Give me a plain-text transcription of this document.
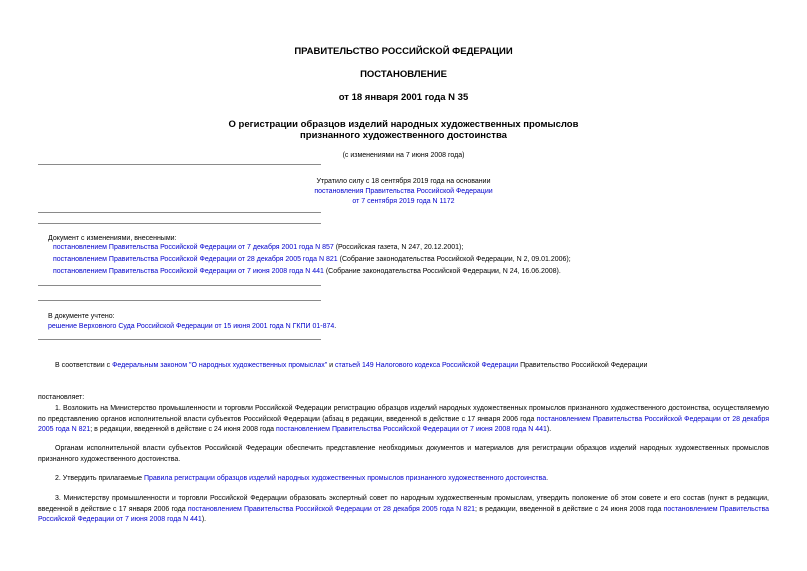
ПРАВИТЕЛЬСТВО РОССИЙСКОЙ ФЕДЕРАЦИИ
ПОСТАНОВЛЕНИЕ
от 18 января 2001 года N 35
О регистрации образцов изделий народных художественных промыслов
признанного художественного достоинства
(с изменениями на 7 июня 2008 года)
Утратило силу с 18 сентября 2019 года на основании
постановления Правительства Российской Федерации
от 7 сентября 2019 года N 1172
Документ с изменениями, внесенными:
постановлением Правительства Российской Федерации от 7 декабря 2001 года N 857 (Российская газета, N 247, 20.12.2001);
постановлением Правительства Российской Федерации от 28 декабря 2005 года N 821 (Собрание законодательства Российской Федерации, N 2, 09.01.2006);
постановлением Правительства Российской Федерации от 7 июня 2008 года N 441 (Собрание законодательства Российской Федерации, N 24, 16.06.2008).
В документе учтено:
решение Верховного Суда Российской Федерации от 15 июня 2001 года N ГКПИ 01-874.
В соответствии с Федеральным законом "О народных художественных промыслах" и статьей 149 Налогового кодекса Российской Федерации Правительство Российской Федерации
постановляет:
1. Возложить на Министерство промышленности и торговли Российской Федерации регистрацию образцов изделий народных художественных промыслов признанного художественного достоинства, осуществляемую по представлению органов исполнительной власти субъектов Российской Федерации (абзац в редакции, введенной в действие с 17 января 2006 года постановлением Правительства Российской Федерации от 28 декабря 2005 года N 821; в редакции, введенной в действие с 24 июня 2008 года постановлением Правительства Российской Федерации от 7 июня 2008 года N 441).
Органам исполнительной власти субъектов Российской Федерации обеспечить представление необходимых документов и материалов для регистрации образцов изделий народных художественных промыслов признанного художественного достоинства.
2. Утвердить прилагаемые Правила регистрации образцов изделий народных художественных промыслов признанного художественного достоинства.
3. Министерству промышленности и торговли Российской Федерации образовать экспертный совет по народным художественным промыслам, утвердить положение об этом совете и его состав (пункт в редакции, введенной в действие с 17 января 2006 года постановлением Правительства Российской Федерации от 28 декабря 2005 года N 821; в редакции, введенной в действие с 24 июня 2008 года постановлением Правительства Российской Федерации от 7 июня 2008 года N 441).
